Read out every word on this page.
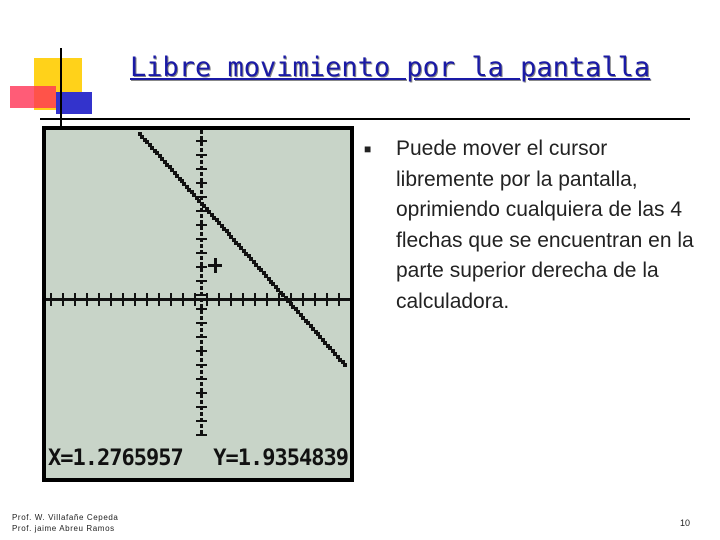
Libre movimiento por la pantalla
X=1.2765957 Y=1.9354839
■ Puede mover el cursor libremente por la pantalla, oprimiendo cualquiera de las 4 flechas que se encuentran en la parte superior derecha de la calculadora.
Prof. W. Villafañe Cepeda
Prof. jaime Abreu Ramos
10
